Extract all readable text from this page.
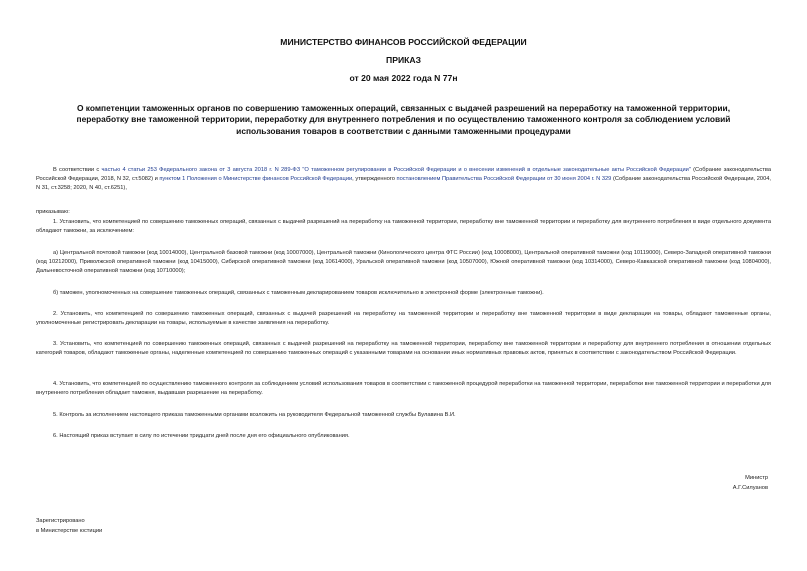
МИНИСТЕРСТВО ФИНАНСОВ РОССИЙСКОЙ ФЕДЕРАЦИИ
ПРИКАЗ
от 20 мая 2022 года N 77н
О компетенции таможенных органов по совершению таможенных операций, связанных с выдачей разрешений на переработку на таможенной территории, переработку вне таможенной территории, переработку для внутреннего потребления и по осуществлению таможенного контроля за соблюдением условий использования товаров в соответствии с данными таможенными процедурами
В соответствии с частью 4 статьи 253 Федерального закона от 3 августа 2018 г. N 289-ФЗ "О таможенном регулировании в Российской Федерации и о внесении изменений в отдельные законодательные акты Российской Федерации" (Собрание законодательства Российской Федерации, 2018, N 32, ст.5082) и пунктом 1 Положения о Министерстве финансов Российской Федерации, утвержденного постановлением Правительства Российской Федерации от 30 июня 2004 г. N 329 (Собрание законодательства Российской Федерации, 2004, N 31, ст.3258; 2020, N 40, ст.6251),
приказываю:
1. Установить, что компетенцией по совершению таможенных операций, связанных с выдачей разрешений на переработку на таможенной территории, переработку вне таможенной территории и переработку для внутреннего потребления в виде отдельного документа обладают таможни, за исключением:
а) Центральной почтовой таможни (код 10014000), Центральной базовой таможни (код 10007000), Центральной таможни (Кинологического центра ФТС России) (код 10008000), Центральной оперативной таможни (код 10119000), Северо-Западной оперативной таможни (код 10212000), Приволжской оперативной таможни (код 10415000), Сибирской оперативной таможни (код 10614000), Уральской оперативной таможни (код 10507000), Южной оперативной таможни (код 10314000), Северо-Кавказской оперативной таможни (код 10804000), Дальневосточной оперативной таможни (код 10710000);
б) таможен, уполномоченных на совершение таможенных операций, связанных с таможенным декларированием товаров исключительно в электронной форме (электронные таможни).
2. Установить, что компетенцией по совершению таможенных операций, связанных с выдачей разрешений на переработку на таможенной территории и переработку вне таможенной территории в виде декларации на товары, обладают таможенные органы, уполномоченные регистрировать декларации на товары, используемые в качестве заявления на переработку.
3. Установить, что компетенцией по совершению таможенных операций, связанных с выдачей разрешений на переработку на таможенной территории, переработку вне таможенной территории и переработку для внутреннего потребления в отношении отдельных категорий товаров, обладают таможенные органы, наделенные компетенцией по совершению таможенных операций с указанными товарами на основании иных нормативных правовых актов, принятых в соответствии с законодательством Российской Федерации.
4. Установить, что компетенцией по осуществлению таможенного контроля за соблюдением условий использования товаров в соответствии с таможенной процедурой переработки на таможенной территории, переработки вне таможенной территории и переработки для внутреннего потребления обладает таможня, выдавшая разрешение на переработку.
5. Контроль за исполнением настоящего приказа таможенными органами возложить на руководителя Федеральной таможенной службы Булавина В.И.
6. Настоящий приказ вступает в силу по истечении тридцати дней после дня его официального опубликования.
Министр
А.Г.Силуанов
Зарегистрировано
в Министерстве юстиции
